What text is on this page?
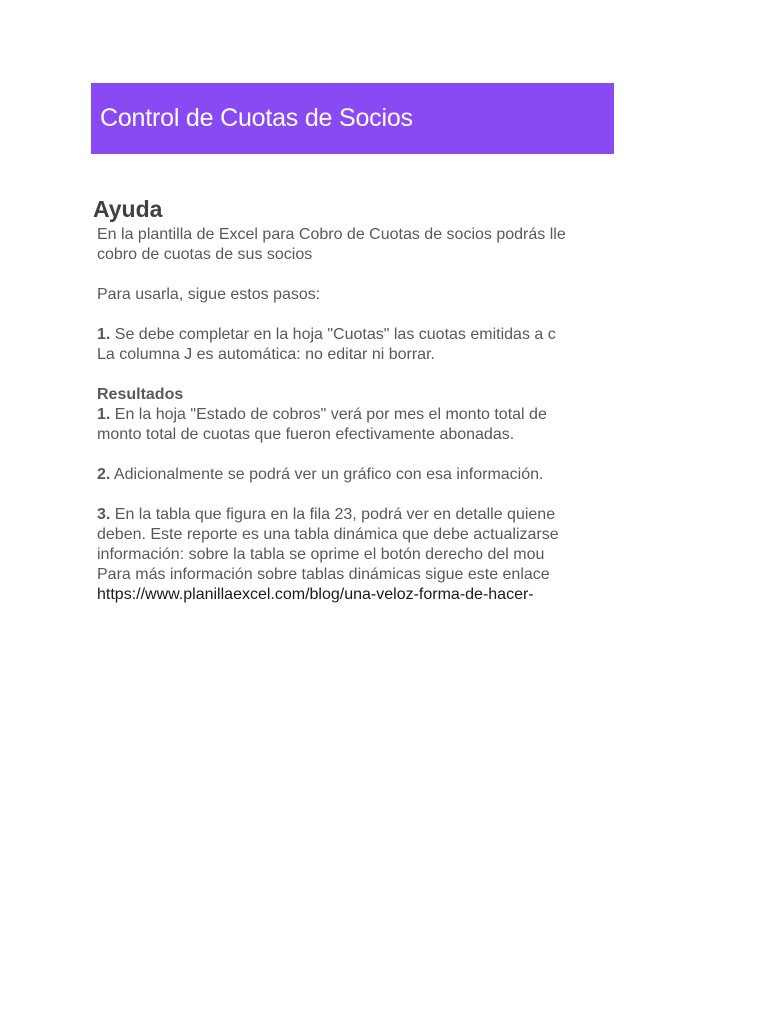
Control de Cuotas de Socios
Ayuda
En la plantilla de Excel para Cobro de Cuotas de socios podrás lle
cobro de cuotas de sus socios
Para usarla, sigue estos pasos:
1. Se debe completar en la hoja "Cuotas" las cuotas emitidas a c
La columna J es automática: no editar ni borrar.
Resultados
1. En la hoja "Estado de cobros" verá por mes el monto total de
monto total de cuotas que fueron efectivamente abonadas.
2. Adicionalmente se podrá ver un gráfico con esa información.
3. En la tabla que figura en la fila 23, podrá ver en detalle quiene
deben. Este reporte es una tabla dinámica que debe actualizarse
información: sobre la tabla se oprime el botón derecho del mou
Para más información sobre tablas dinámicas sigue este enlace
https://www.planillaexcel.com/blog/una-veloz-forma-de-hacer-
